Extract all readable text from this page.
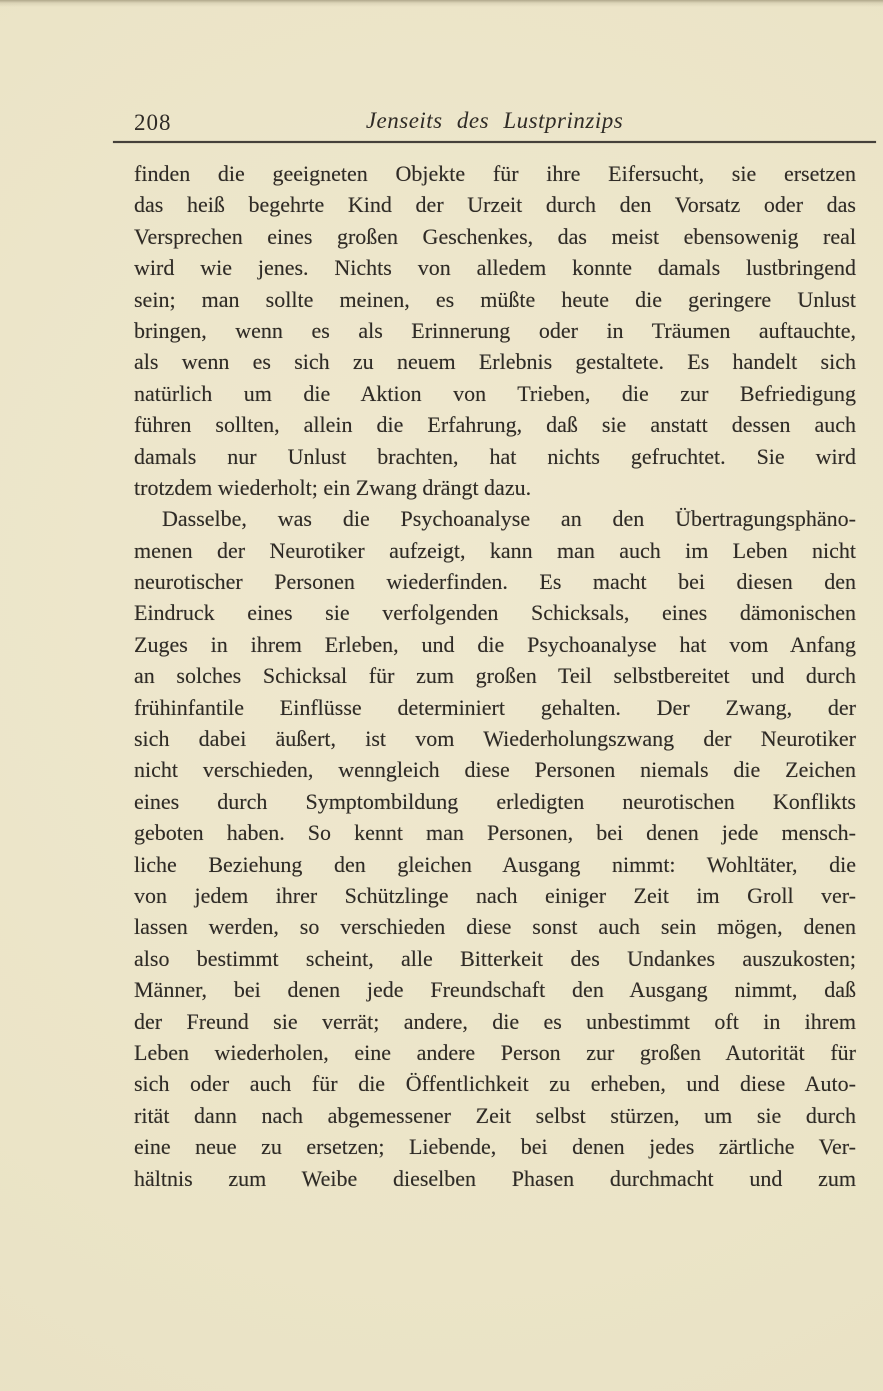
208	Jenseits des Lustprinzips
finden die geeigneten Objekte für ihre Eifersucht, sie ersetzen
das heiß begehrte Kind der Urzeit durch den Vorsatz oder das
Versprechen eines großen Geschenkes, das meist ebensowenig real
wird wie jenes. Nichts von alledem konnte damals lustbringend
sein; man sollte meinen, es müßte heute die geringere Unlust
bringen, wenn es als Erinnerung oder in Träumen auftauchte,
als wenn es sich zu neuem Erlebnis gestaltete. Es handelt sich
natürlich um die Aktion von Trieben, die zur Befriedigung
führen sollten, allein die Erfahrung, daß sie anstatt dessen auch
damals nur Unlust brachten, hat nichts gefruchtet. Sie wird
trotzdem wiederholt; ein Zwang drängt dazu.
Dasselbe, was die Psychoanalyse an den Übertragungsphäno-
menen der Neurotiker aufzeigt, kann man auch im Leben nicht
neurotischer Personen wiederfinden. Es macht bei diesen den
Eindruck eines sie verfolgenden Schicksals, eines dämonischen
Zuges in ihrem Erleben, und die Psychoanalyse hat vom Anfang
an solches Schicksal für zum großen Teil selbstbereitet und durch
frühinfantile Einflüsse determiniert gehalten. Der Zwang, der
sich dabei äußert, ist vom Wiederholungszwang der Neurotiker
nicht verschieden, wenngleich diese Personen niemals die Zeichen
eines durch Symptombildung erledigten neurotischen Konflikts
geboten haben. So kennt man Personen, bei denen jede mensch-
liche Beziehung den gleichen Ausgang nimmt: Wohltäter, die
von jedem ihrer Schützlinge nach einiger Zeit im Groll ver-
lassen werden, so verschieden diese sonst auch sein mögen, denen
also bestimmt scheint, alle Bitterkeit des Undankes auszukosten;
Männer, bei denen jede Freundschaft den Ausgang nimmt, daß
der Freund sie verrät; andere, die es unbestimmt oft in ihrem
Leben wiederholen, eine andere Person zur großen Autorität für
sich oder auch für die Öffentlichkeit zu erheben, und diese Auto-
rität dann nach abgemessener Zeit selbst stürzen, um sie durch
eine neue zu ersetzen; Liebende, bei denen jedes zärtliche Ver-
hältnis zum Weibe dieselben Phasen durchmacht und zum
